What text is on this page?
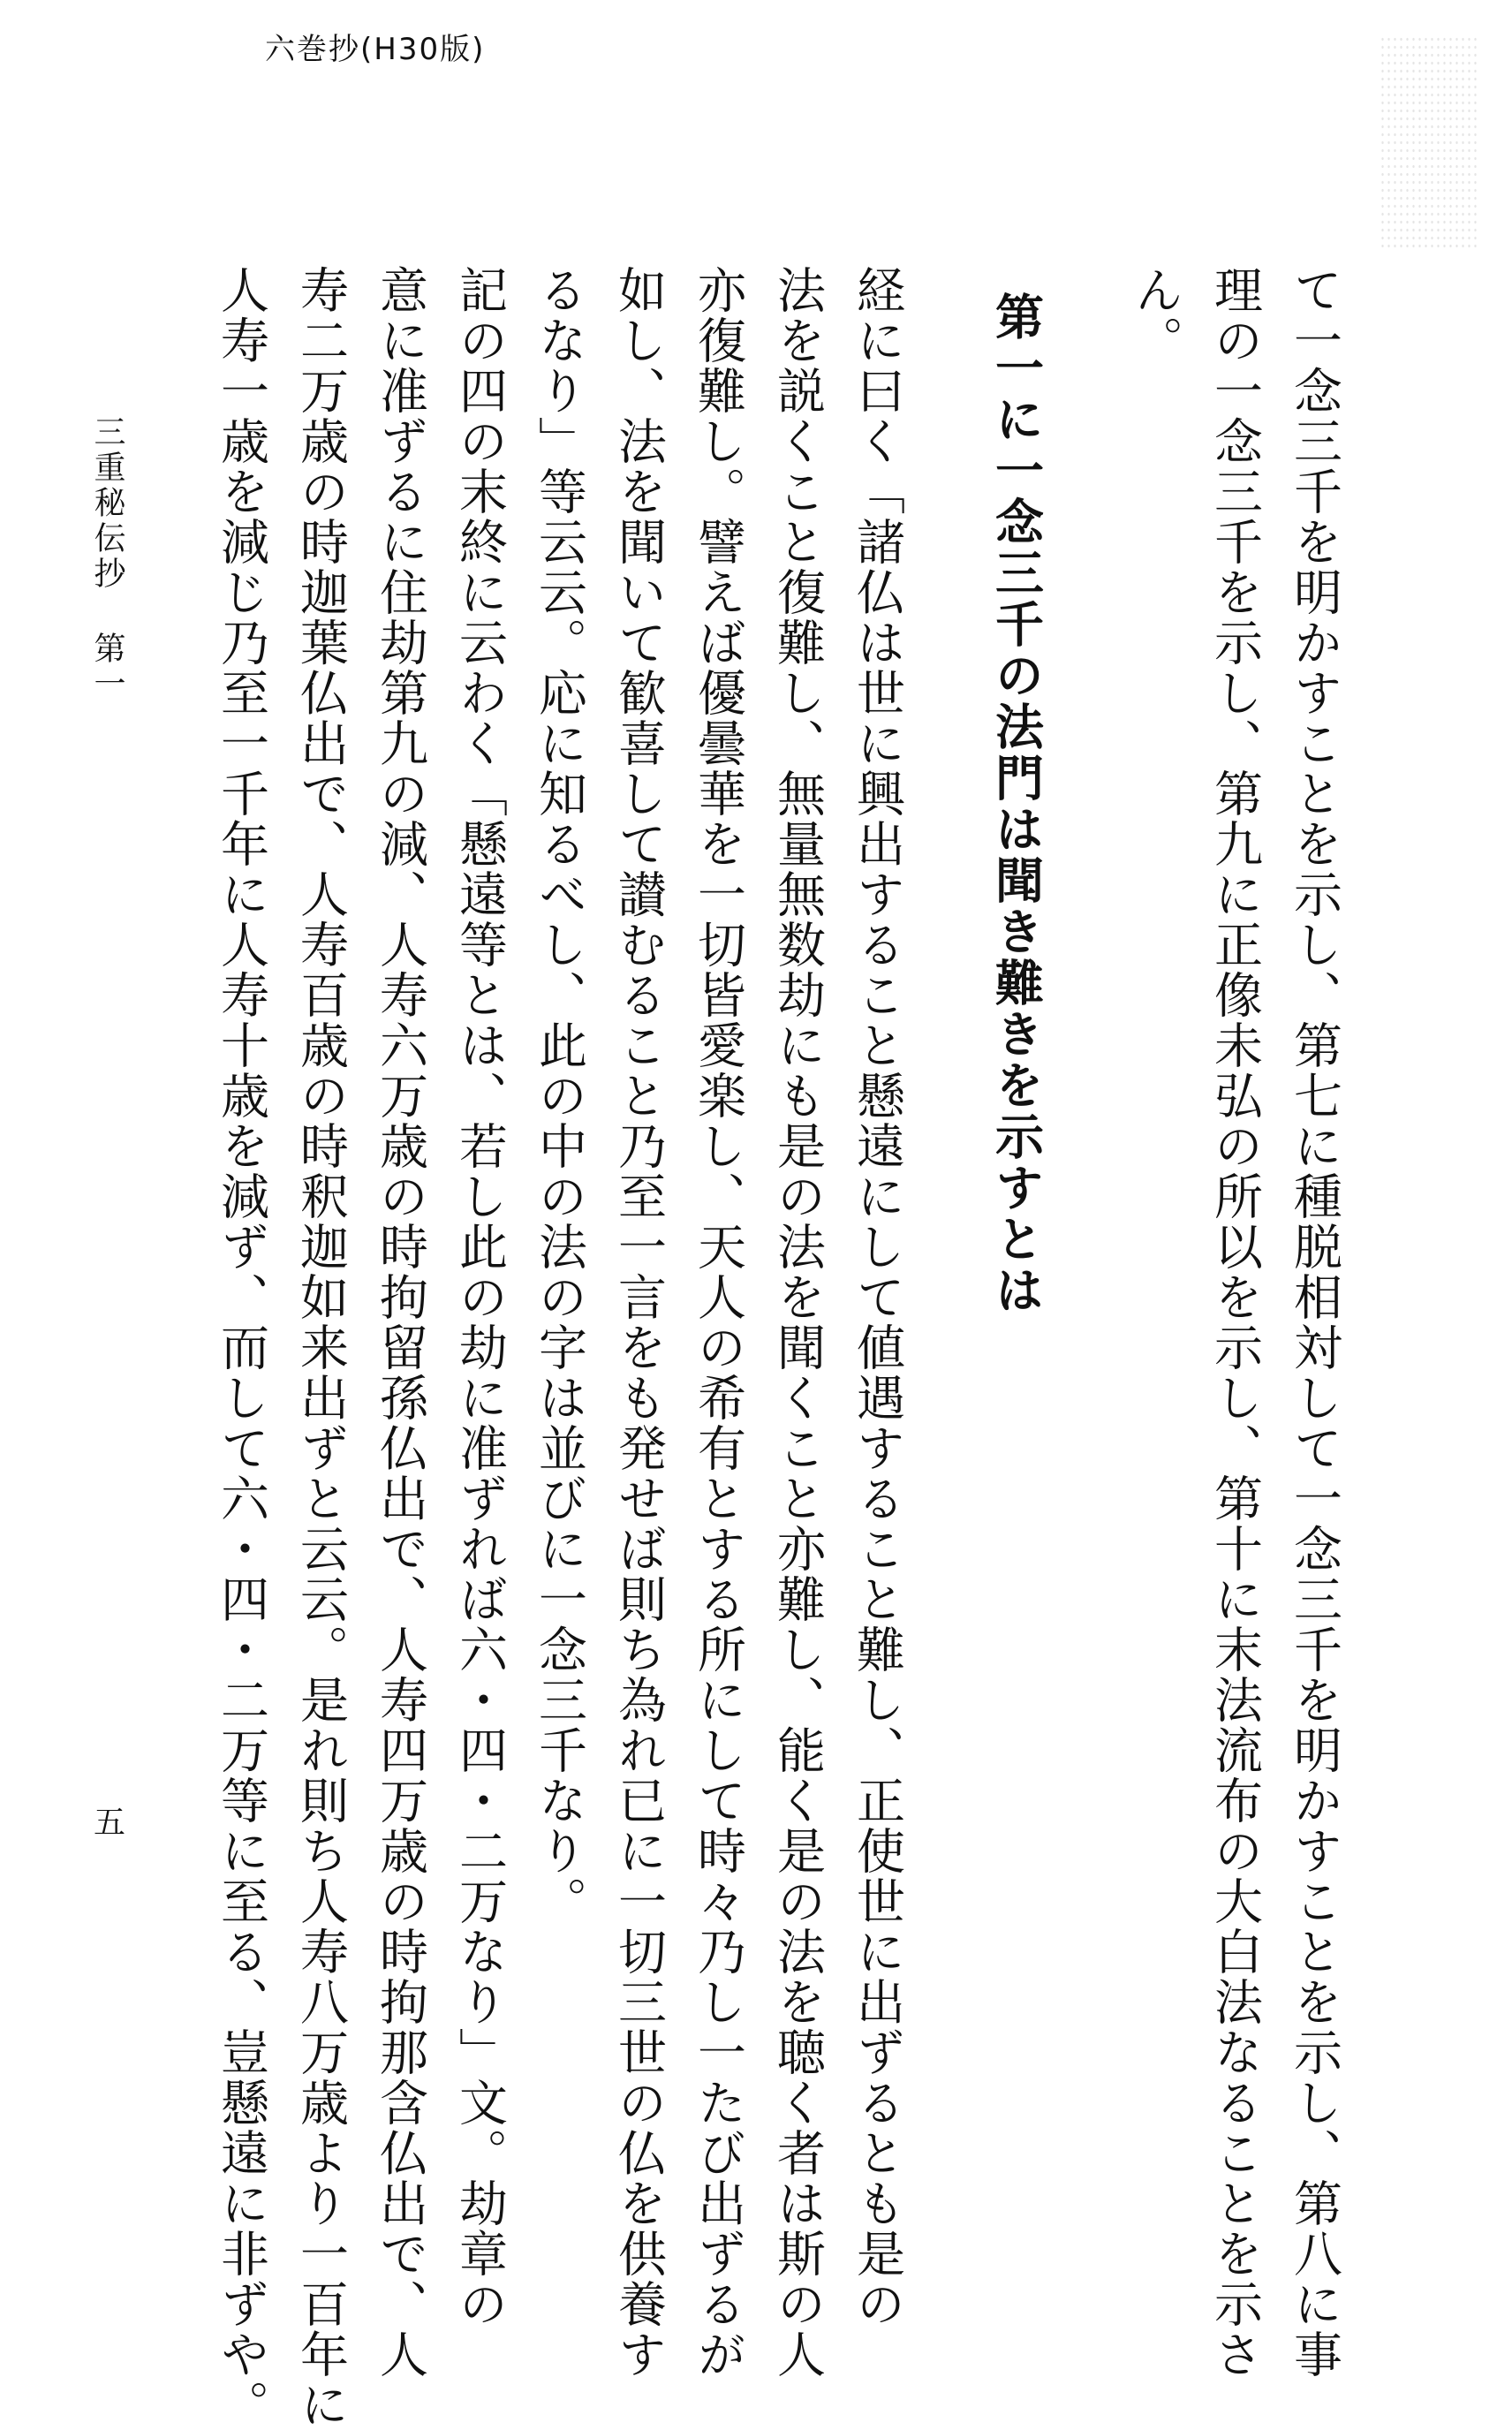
六巻抄(H30版)
て一念三千を明かすことを示し、第七に種脱相対して一念三千を明かすことを示し、第八に事
理の一念三千を示し、第九に正像未弘の所以を示し、第十に末法流布の大白法なることを示さ
ん。
第一に一念三千の法門は聞き難きを示すとは
経に曰く「諸仏は世に興出すること懸遠にして値遇すること難し、正使世に出ずるとも是の
法を説くこと復難し、無量無数劫にも是の法を聞くこと亦難し、能く是の法を聴く者は斯の人
亦復難し。譬えば優曇華を一切皆愛楽し、天人の希有とする所にして時々乃し一たび出ずるが
如し、法を聞いて歓喜して讃むること乃至一言をも発せば則ち為れ已に一切三世の仏を供養す
るなり」等云云。応に知るべし、此の中の法の字は並びに一念三千なり。
記の四の末終に云わく「懸遠等とは、若し此の劫に准ずれば六・四・二万なり」文。劫章の
意に准ずるに住劫第九の減、人寿六万歳の時拘留孫仏出で、人寿四万歳の時拘那含仏出で、人
寿二万歳の時迦葉仏出で、人寿百歳の時釈迦如来出ずと云云。是れ則ち人寿八万歳より一百年に
人寿一歳を減じ乃至一千年に人寿十歳を減ず、而して六・四・二万等に至る、豈懸遠に非ずや。
三重秘伝抄 第一
五
